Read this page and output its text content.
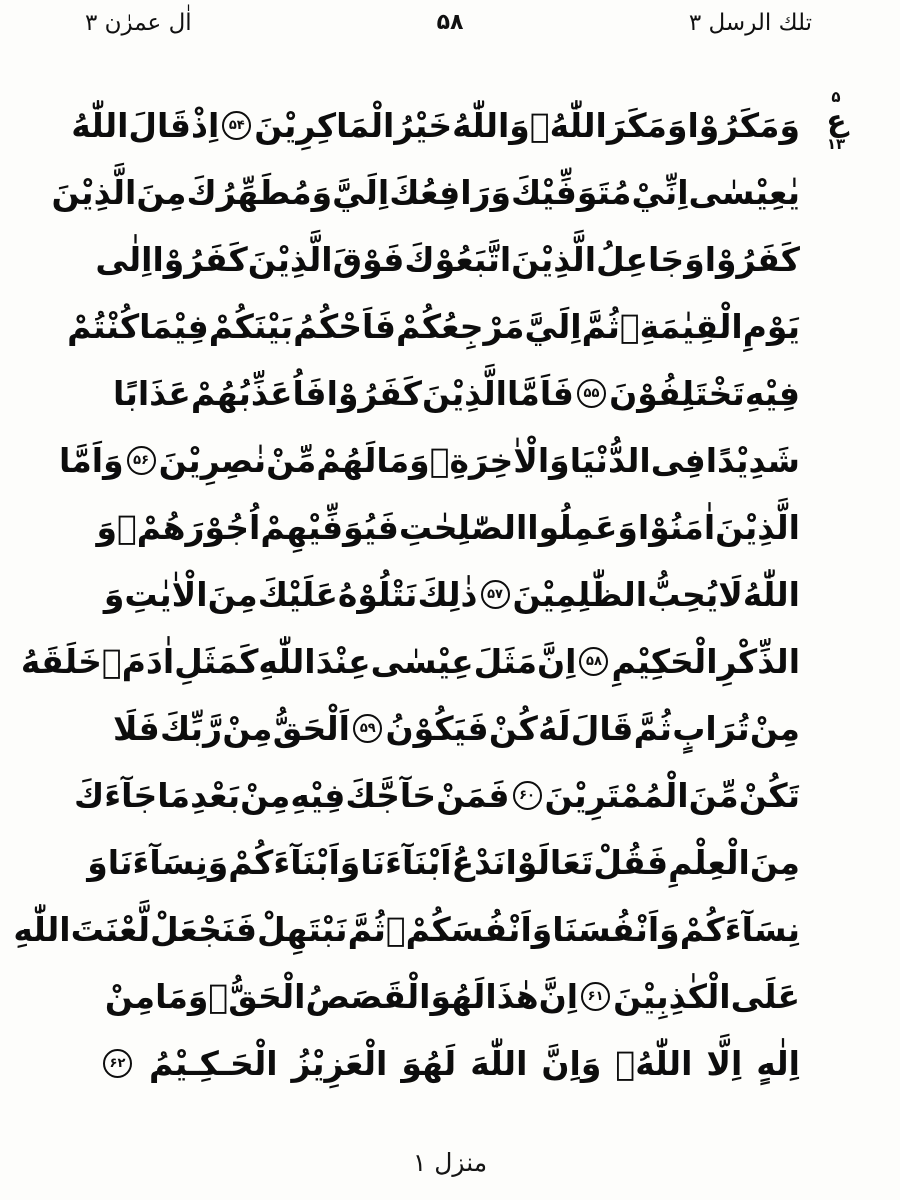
تلك الرسل ٣
۵۸
اٰل عمرٰن ٣
۵
ع
۱۳
وَمَكَرُوْا
وَمَكَرَ
اللّٰهُۚ
وَاللّٰهُ
خَيْرُ
الْمَاكِرِيْنَ
۵۴
اِذْ
قَالَ
اللّٰهُ
يٰعِيْسٰى
اِنِّيْ
مُتَوَفِّيْكَ
وَرَافِعُكَ
اِلَيَّ
وَمُطَهِّرُكَ
مِنَ
الَّذِيْنَ
كَفَرُوْا
وَجَاعِلُ
الَّذِيْنَ
اتَّبَعُوْكَ
فَوْقَ
الَّذِيْنَ
كَفَرُوْا
اِلٰى
يَوْمِ
الْقِيٰمَةِۚ
ثُمَّ
اِلَيَّ
مَرْجِعُكُمْ
فَاَحْكُمُ
بَيْنَكُمْ
فِيْمَا
كُنْتُمْ
فِيْهِ
تَخْتَلِفُوْنَ
۵۵
فَاَمَّا
الَّذِيْنَ
كَفَرُوْا
فَاُعَذِّبُهُمْ
عَذَابًا
شَدِيْدًا
فِى
الدُّنْيَا
وَالْاٰخِرَةِۖ
وَمَا
لَهُمْ
مِّنْ
نٰصِرِيْنَ
۵۶
وَاَمَّا
الَّذِيْنَ
اٰمَنُوْا
وَعَمِلُوا
الصّٰلِحٰتِ
فَيُوَفِّيْهِمْ
اُجُوْرَهُمْۗ
وَ
اللّٰهُ
لَا
يُحِبُّ
الظّٰلِمِيْنَ
۵۷
ذٰلِكَ
نَتْلُوْهُ
عَلَيْكَ
مِنَ
الْاٰيٰتِ
وَ
الذِّكْرِ
الْحَكِيْمِ
۵۸
اِنَّ
مَثَلَ
عِيْسٰى
عِنْدَ
اللّٰهِ
كَمَثَلِ
اٰدَمَۚ
خَلَقَهُ
مِنْ
تُرَابٍ
ثُمَّ
قَالَ
لَهُ
كُنْ
فَيَكُوْنُ
۵۹
اَلْحَقُّ
مِنْ
رَّبِّكَ
فَلَا
تَكُنْ
مِّنَ
الْمُمْتَرِيْنَ
۶۰
فَمَنْ
حَآجَّكَ
فِيْهِ
مِنْ
بَعْدِ
مَا
جَآءَكَ
مِنَ
الْعِلْمِ
فَقُلْ
تَعَالَوْا
نَدْعُ
اَبْنَآءَنَا
وَاَبْنَآءَكُمْ
وَنِسَآءَنَا
وَ
نِسَآءَكُمْ
وَاَنْفُسَنَا
وَاَنْفُسَكُمْۛ
ثُمَّ
نَبْتَهِلْ
فَنَجْعَلْ
لَّعْنَتَ
اللّٰهِ
عَلَى
الْكٰذِبِيْنَ
۶۱
اِنَّ
هٰذَا
لَهُوَ
الْقَصَصُ
الْحَقُّۚ
وَمَا
مِنْ
اِلٰهٍ
اِلَّا
اللّٰهُۗ
وَاِنَّ
اللّٰهَ
لَهُوَ
الْعَزِيْزُ
الْحَـكِـيْمُ
۶۲
منزل ١
